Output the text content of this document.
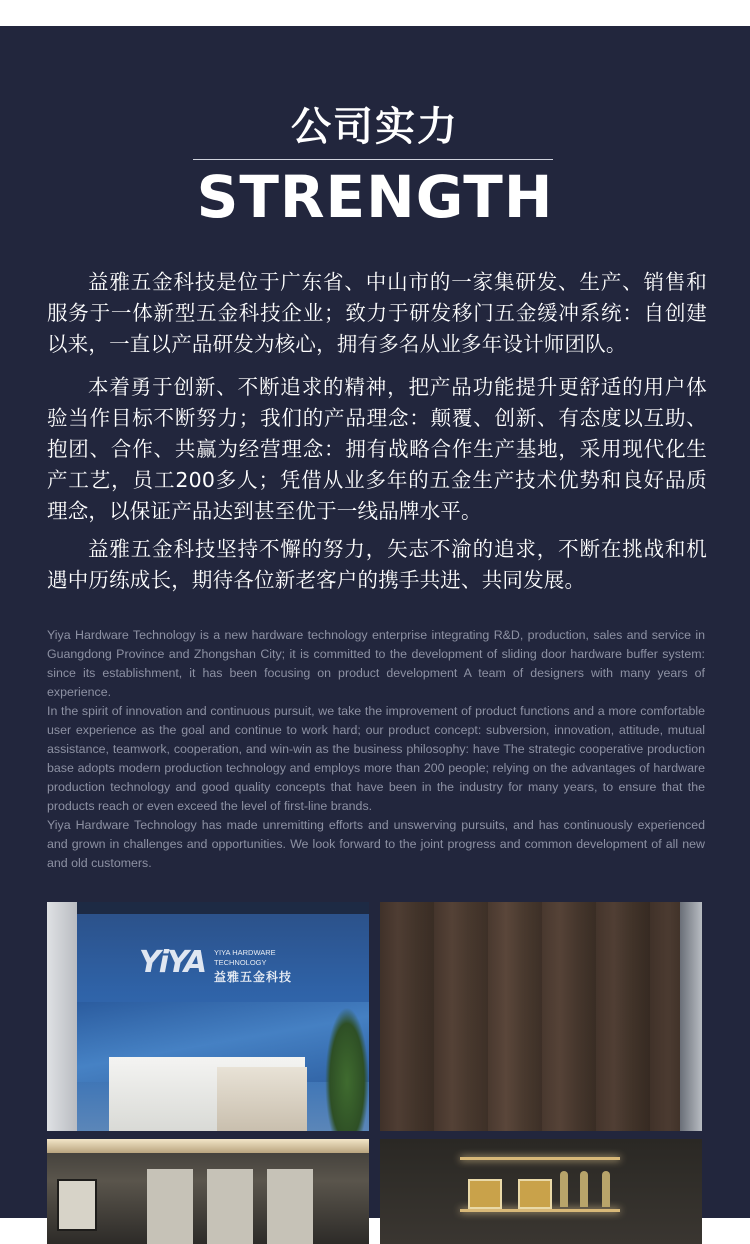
公司实力
STRENGTH

益雅五金科技是位于广东省、中山市的一家集研发、生产、销售和服务于一体新型五金科技企业；致力于研发移门五金缓冲系统：自创建以来，一直以产品研发为核心，拥有多名从业多年设计师团队。

本着勇于创新、不断追求的精神，把产品功能提升更舒适的用户体验当作目标不断努力；我们的产品理念：颠覆、创新、有态度以互助、抱团、合作、共赢为经营理念：拥有战略合作生产基地，采用现代化生产工艺，员工200多人；凭借从业多年的五金生产技术优势和良好品质理念，以保证产品达到甚至优于一线品牌水平。

益雅五金科技坚持不懈的努力，矢志不渝的追求，不断在挑战和机遇中历练成长，期待各位新老客户的携手共进、共同发展。

Yiya Hardware Technology is a new hardware technology enterprise integrating R&D, production, sales and service in Guangdong Province and Zhongshan City; it is committed to the development of sliding door hardware buffer system: since its establishment, it has been focusing on product development A team of designers with many years of experience.

In the spirit of innovation and continuous pursuit, we take the improvement of product functions and a more comfortable user experience as the goal and continue to work hard; our product concept: subversion, innovation, attitude, mutual assistance, teamwork, cooperation, and win-win as the business philosophy: have The strategic cooperative production base adopts modern production technology and employs more than 200 people; relying on the advantages of hardware production technology and good quality concepts that have been in the industry for many years, to ensure that the products reach or even exceed the level of first-line brands.

Yiya Hardware Technology has made unremitting efforts and unswerving pursuits, and has continuously experienced and grown in challenges and opportunities. We look forward to the joint progress and common development of all new and old customers.

YiYA YIYA HARDWARE
TECHNOLOGY
益雅五金科技
